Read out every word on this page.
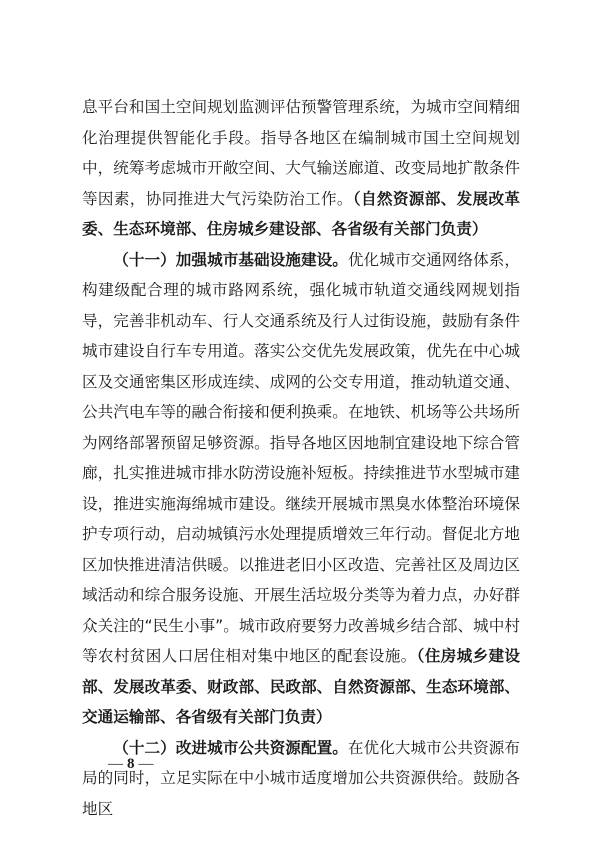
息平台和国土空间规划监测评估预警管理系统，为城市空间精细化治理提供智能化手段。指导各地区在编制城市国土空间规划中，统筹考虑城市开敞空间、大气输送廊道、改变局地扩散条件等因素，协同推进大气污染防治工作。（自然资源部、发展改革委、生态环境部、住房城乡建设部、各省级有关部门负责）

（十一）加强城市基础设施建设。优化城市交通网络体系，构建级配合理的城市路网系统，强化城市轨道交通线网规划指导，完善非机动车、行人交通系统及行人过街设施，鼓励有条件城市建设自行车专用道。落实公交优先发展政策，优先在中心城区及交通密集区形成连续、成网的公交专用道，推动轨道交通、公共汽电车等的融合衔接和便利换乘。在地铁、机场等公共场所为网络部署预留足够资源。指导各地区因地制宜建设地下综合管廊，扎实推进城市排水防涝设施补短板。持续推进节水型城市建设，推进实施海绵城市建设。继续开展城市黑臭水体整治环境保护专项行动，启动城镇污水处理提质增效三年行动。督促北方地区加快推进清洁供暖。以推进老旧小区改造、完善社区及周边区域活动和综合服务设施、开展生活垃圾分类等为着力点，办好群众关注的“民生小事”。城市政府要努力改善城乡结合部、城中村等农村贫困人口居住相对集中地区的配套设施。（住房城乡建设部、发展改革委、财政部、民政部、自然资源部、生态环境部、交通运输部、各省级有关部门负责）

（十二）改进城市公共资源配置。在优化大城市公共资源布局的同时，立足实际在中小城市适度增加公共资源供给。鼓励各地区

— 8 —
